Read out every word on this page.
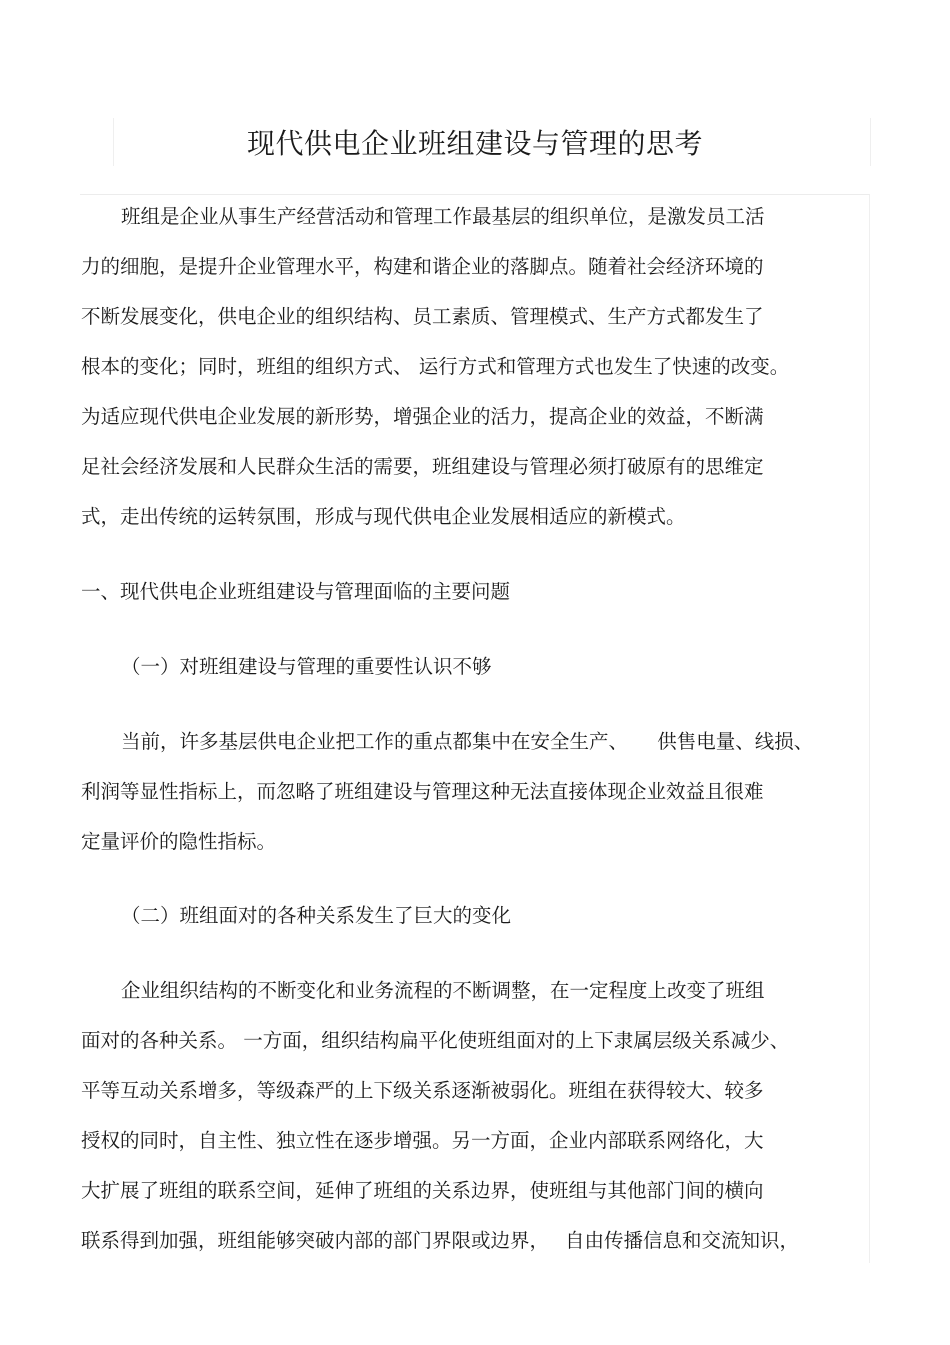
现代供电企业班组建设与管理的思考
班组是企业从事生产经营活动和管理工作最基层的组织单位，是激发员工活
力的细胞，是提升企业管理水平，构建和谐企业的落脚点。随着社会经济环境的
不断发展变化，供电企业的组织结构、员工素质、管理模式、生产方式都发生了
根本的变化；同时，班组的组织方式、 运行方式和管理方式也发生了快速的改变。
为适应现代供电企业发展的新形势，增强企业的活力，提高企业的效益，不断满
足社会经济发展和人民群众生活的需要，班组建设与管理必须打破原有的思维定
式，走出传统的运转氛围，形成与现代供电企业发展相适应的新模式。
一、现代供电企业班组建设与管理面临的主要问题
（一）对班组建设与管理的重要性认识不够
当前，许多基层供电企业把工作的重点都集中在安全生产、　　供售电量、线损、
利润等显性指标上，而忽略了班组建设与管理这种无法直接体现企业效益且很难
定量评价的隐性指标。
（二）班组面对的各种关系发生了巨大的变化
企业组织结构的不断变化和业务流程的不断调整，在一定程度上改变了班组
面对的各种关系。 一方面，组织结构扁平化使班组面对的上下隶属层级关系减少、
平等互动关系增多，等级森严的上下级关系逐渐被弱化。班组在获得较大、较多
授权的同时，自主性、独立性在逐步增强。另一方面，企业内部联系网络化，大
大扩展了班组的联系空间，延伸了班组的关系边界，使班组与其他部门间的横向
联系得到加强，班组能够突破内部的部门界限或边界，　 自由传播信息和交流知识，
